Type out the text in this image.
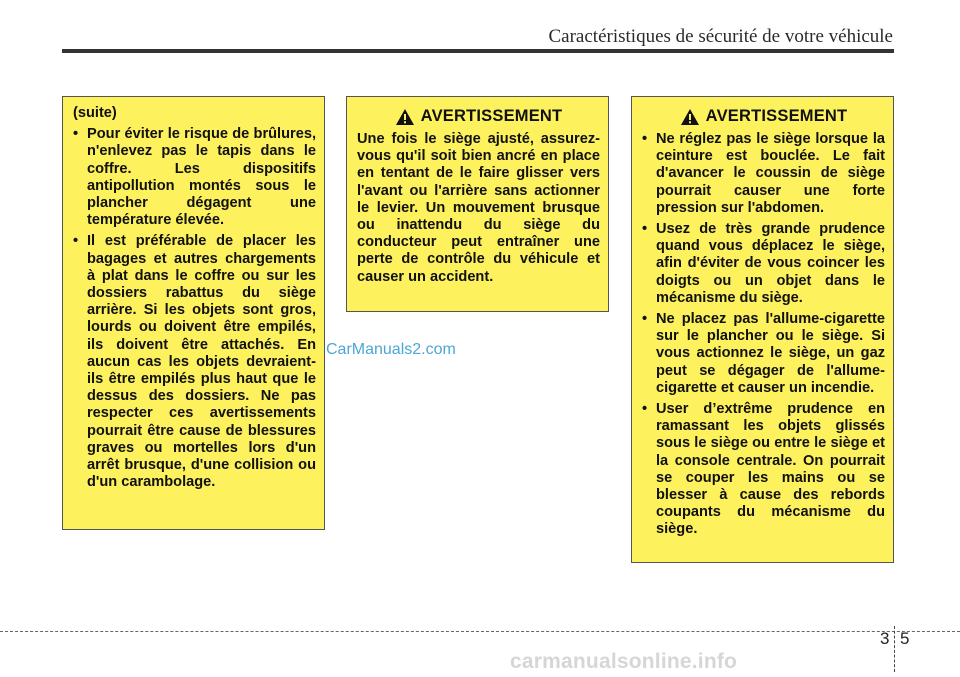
Caractéristiques de sécurité de votre véhicule
(suite)
• Pour éviter le risque de brûlures, n'enlevez pas le tapis dans le coffre. Les dispositifs antipollution montés sous le plancher dégagent une température élevée.
• Il est préférable de placer les bagages et autres chargements à plat dans le coffre ou sur les dossiers rabattus du siège arrière. Si les objets sont gros, lourds ou doivent être empilés, ils doivent être attachés. En aucun cas les objets devraient-ils être empilés plus haut que le dessus des dossiers. Ne pas respecter ces avertissements pourrait être cause de blessures graves ou mortelles lors d'un arrêt brusque, d'une collision ou d'un carambolage.
AVERTISSEMENT

Une fois le siège ajusté, assurez-vous qu'il soit bien ancré en place en tentant de le faire glisser vers l'avant ou l'arrière sans actionner le levier. Un mouvement brusque ou inattendu du siège du conducteur peut entraîner une perte de contrôle du véhicule et causer un accident.

AVERTISSEMENT
• Ne réglez pas le siège lorsque la ceinture est bouclée. Le fait d'avancer le coussin de siège pourrait causer une forte pression sur l'abdomen.
• Usez de très grande prudence quand vous déplacez le siège, afin d'éviter de vous coincer les doigts ou un objet dans le mécanisme du siège.
• Ne placez pas l'allume-cigarette sur le plancher ou le siège. Si vous actionnez le siège, un gaz peut se dégager de l'allume-cigarette et causer un incendie.
• User d’extrême prudence en ramassant les objets glissés sous le siège ou entre le siège et la console centrale. On pourrait se couper les mains ou se blesser à cause des rebords coupants du mécanisme du siège.
CarManuals2.com
3 5
carmanualsonline.info
